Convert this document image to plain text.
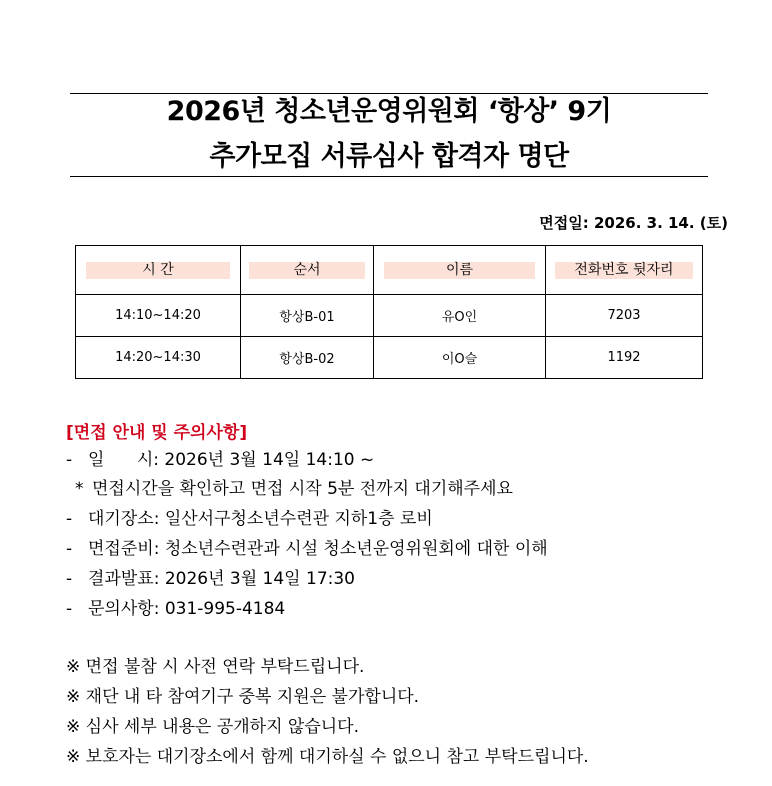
2026년 청소년운영위원회 ‘항상’ 9기
추가모집 서류심사 합격자 명단
면접일: 2026. 3. 14. (토)
시 간	순서	이름	전화번호 뒷자리
14:10~14:20	항상B-01	유O인	7203
14:20~14:30	항상B-02	이O슬	1192
[면접 안내 및 주의사항]
- 일      시: 2026년 3월 14일 14:10 ~
* 면접시간을 확인하고 면접 시작 5분 전까지 대기해주세요
- 대기장소: 일산서구청소년수련관 지하1층 로비
- 면접준비: 청소년수련관과 시설 청소년운영위원회에 대한 이해
- 결과발표: 2026년 3월 14일 17:30
- 문의사항: 031-995-4184
※ 면접 불참 시 사전 연락 부탁드립니다.
※ 재단 내 타 참여기구 중복 지원은 불가합니다.
※ 심사 세부 내용은 공개하지 않습니다.
※ 보호자는 대기장소에서 함께 대기하실 수 없으니 참고 부탁드립니다.
